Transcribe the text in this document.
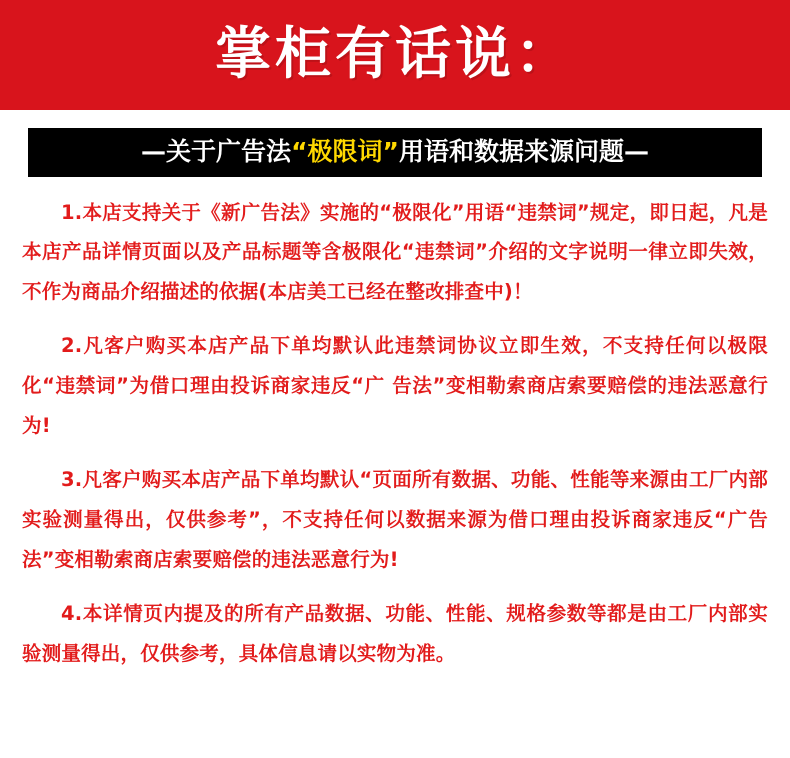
掌柜有话说：
—关于广告法“极限词”用语和数据来源问题—

1.本店支持关于《新广告法》实施的“极限化”用语“违禁词”规定，即日起，凡是本店产品详情页面以及产品标题等含极限化“违禁词”介绍的文字说明一律立即失效，不作为商品介绍描述的依据(本店美工已经在整改排查中)！

2.凡客户购买本店产品下单均默认此违禁词协议立即生效，不支持任何以极限化“违禁词”为借口理由投诉商家违反“广 告法”变相勒索商店索要赔偿的违法恶意行为!

3.凡客户购买本店产品下单均默认“页面所有数据、功能、性能等来源由工厂内部实验测量得出，仅供参考”，不支持任何以数据来源为借口理由投诉商家违反“广告法”变相勒索商店索要赔偿的违法恶意行为!

4.本详情页内提及的所有产品数据、功能、性能、规格参数等都是由工厂内部实验测量得出，仅供参考，具体信息请以实物为准。
